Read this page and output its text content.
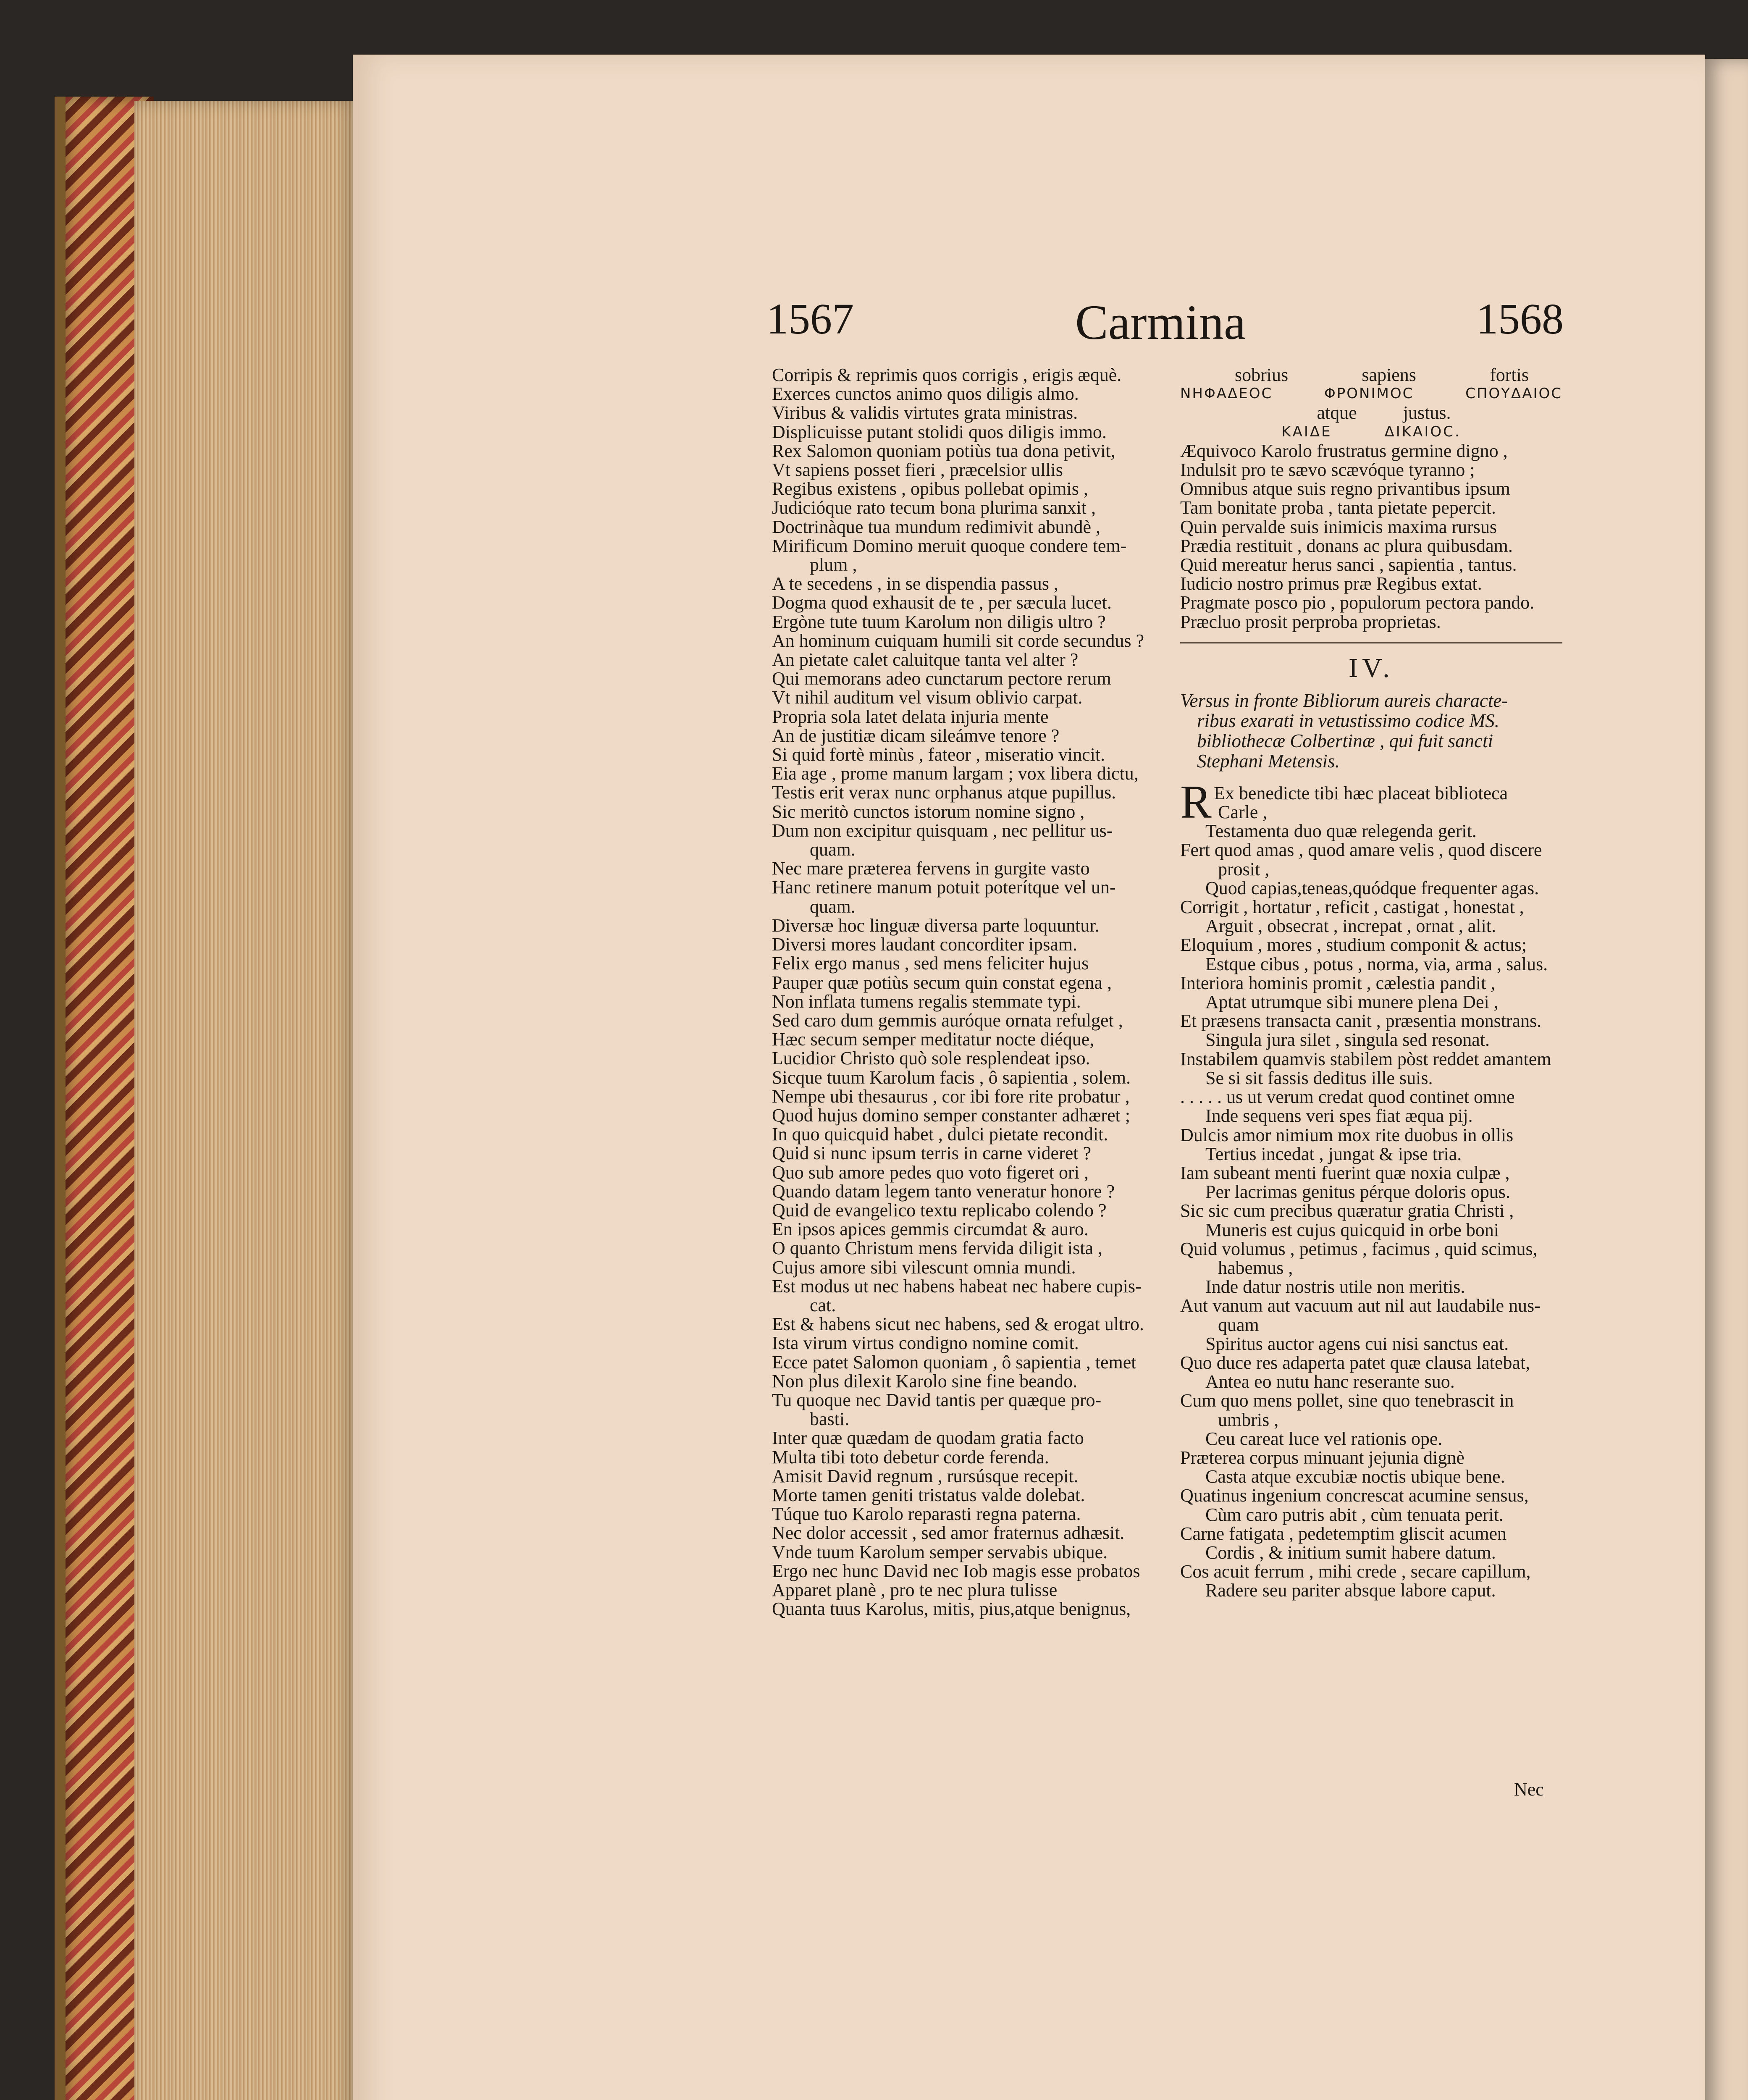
1567	Carmina	1568
Corripis & reprimis quos corrigis , erigis æquè.
Exerces cunctos animo quos diligis almo.
Viribus & validis virtutes grata ministras.
Displicuisse putant stolidi quos diligis immo.
Rex Salomon quoniam potiùs tua dona petivit,
Vt sapiens posset fieri , præcelsior ullis
Regibus existens , opibus pollebat opimis ,
Judicióque rato tecum bona plurima sanxit ,
Doctrinàque tua mundum redimivit abundè ,
Mirificum Domino meruit quoque condere tem-
plum ,
A te secedens , in se dispendia passus ,
Dogma quod exhausit de te , per sæcula lucet.
Ergòne tute tuum Karolum non diligis ultro ?
An hominum cuiquam humili sit corde secundus ?
An pietate calet caluitque tanta vel alter ?
Qui memorans adeo cunctarum pectore rerum
Vt nihil auditum vel visum oblivio carpat.
Propria sola latet delata injuria mente
An de justitiæ dicam sileámve tenore ?
Si quid fortè minùs , fateor , miseratio vincit.
Eia age , prome manum largam ; vox libera dictu,
Testis erit verax nunc orphanus atque pupillus.
Sic meritò cunctos istorum nomine signo ,
Dum non excipitur quisquam , nec pellitur us-
quam.
Nec mare præterea fervens in gurgite vasto
Hanc retinere manum potuit poterítque vel un-
quam.
Diversæ hoc linguæ diversa parte loquuntur.
Diversi mores laudant concorditer ipsam.
Felix ergo manus , sed mens feliciter hujus
Pauper quæ potiùs secum quin constat egena ,
Non inflata tumens regalis stemmate typi.
Sed caro dum gemmis auróque ornata refulget ,
Hæc secum semper meditatur nocte diéque,
Lucidior Christo quò sole resplendeat ipso.
Sicque tuum Karolum facis , ô sapientia , solem.
Nempe ubi thesaurus , cor ibi fore rite probatur ,
Quod hujus domino semper constanter adhæret ;
In quo quicquid habet , dulci pietate recondit.
Quid si nunc ipsum terris in carne videret ?
Quo sub amore pedes quo voto figeret ori ,
Quando datam legem tanto veneratur honore ?
Quid de evangelico textu replicabo colendo ?
En ipsos apices gemmis circumdat & auro.
O quanto Christum mens fervida diligit ista ,
Cujus amore sibi vilescunt omnia mundi.
Est modus ut nec habens habeat nec habere cupis-
cat.
Est & habens sicut nec habens, sed & erogat ultro.
Ista virum virtus condigno nomine comit.
Ecce patet Salomon quoniam , ô sapientia , temet
Non plus dilexit Karolo sine fine beando.
Tu quoque nec David tantis per quæque pro-
basti.
Inter quæ quædam de quodam gratia facto
Multa tibi toto debetur corde ferenda.
Amisit David regnum , rursúsque recepit.
Morte tamen geniti tristatus valde dolebat.
Túque tuo Karolo reparasti regna paterna.
Nec dolor accessit , sed amor fraternus adhæsit.
Vnde tuum Karolum semper servabis ubique.
Ergo nec hunc David nec Iob magis esse probatos
Apparet planè , pro te nec plura tulisse
Quanta tuus Karolus, mitis, pius,atque benignus,
sobrius	sapiens	fortis
ΝΗΦΑΔΕΟϹ	ΦΡΟΝΙΜΟϹ	ϹΠΟΥΔΑΙΟϹ
atque          justus.
ΚΑΙΔΕ ΔΙΚΑΙΟϹ.
Æquivoco Karolo frustratus germine digno ,
Indulsit pro te sævo scævóque tyranno ;
Omnibus atque suis regno privantibus ipsum
Tam bonitate proba , tanta pietate pepercit.
Quin pervalde suis inimicis maxima rursus
Prædia restituit , donans ac plura quibusdam.
Quid mereatur herus sanci , sapientia , tantus.
Iudicio nostro primus præ Regibus extat.
Pragmate posco pio , populorum pectora pando.
Præcluo prosit perproba proprietas.
IV.
Versus in fronte Bibliorum aureis characte-
ribus exarati in vetustissimo codice MS.
bibliothecæ Colbertinæ , qui fuit sancti
Stephani Metensis.
R Ex benedicte tibi hæc placeat biblioteca
Carle ,
Testamenta duo quæ relegenda gerit.
Fert quod amas , quod amare velis , quod discere
prosit ,
Quod capias,teneas,quódque frequenter agas.
Corrigit , hortatur , reficit , castigat , honestat ,
Arguit , obsecrat , increpat , ornat , alit.
Eloquium , mores , studium componit & actus;
Estque cibus , potus , norma, via, arma , salus.
Interiora hominis promit , cælestia pandit ,
Aptat utrumque sibi munere plena Dei ,
Et præsens transacta canit , præsentia monstrans.
Singula jura silet , singula sed resonat.
Instabilem quamvis stabilem pòst reddet amantem
Se si sit fassis deditus ille suis.
. . . . . us ut verum credat quod continet omne
Inde sequens veri spes fiat æqua pij.
Dulcis amor nimium mox rite duobus in ollis
Tertius incedat , jungat & ipse tria.
Iam subeant menti fuerint quæ noxia culpæ ,
Per lacrimas genitus pérque doloris opus.
Sic sic cum precibus quæratur gratia Christi ,
Muneris est cujus quicquid in orbe boni
Quid volumus , petimus , facimus , quid scimus,
habemus ,
Inde datur nostris utile non meritis.
Aut vanum aut vacuum aut nil aut laudabile nus-
quam
Spiritus auctor agens cui nisi sanctus eat.
Quo duce res adaperta patet quæ clausa latebat,
Antea eo nutu hanc reserante suo.
Cum quo mens pollet, sine quo tenebrascit in
umbris ,
Ceu careat luce vel rationis ope.
Præterea corpus minuant jejunia dignè
Casta atque excubiæ noctis ubique bene.
Quatinus ingenium concrescat acumine sensus,
Cùm caro putris abit , cùm tenuata perit.
Carne fatigata , pedetemptim gliscit acumen
Cordis , & initium sumit habere datum.
Cos acuit ferrum , mihi crede , secare capillum,
Radere seu pariter absque labore caput.
Nec
